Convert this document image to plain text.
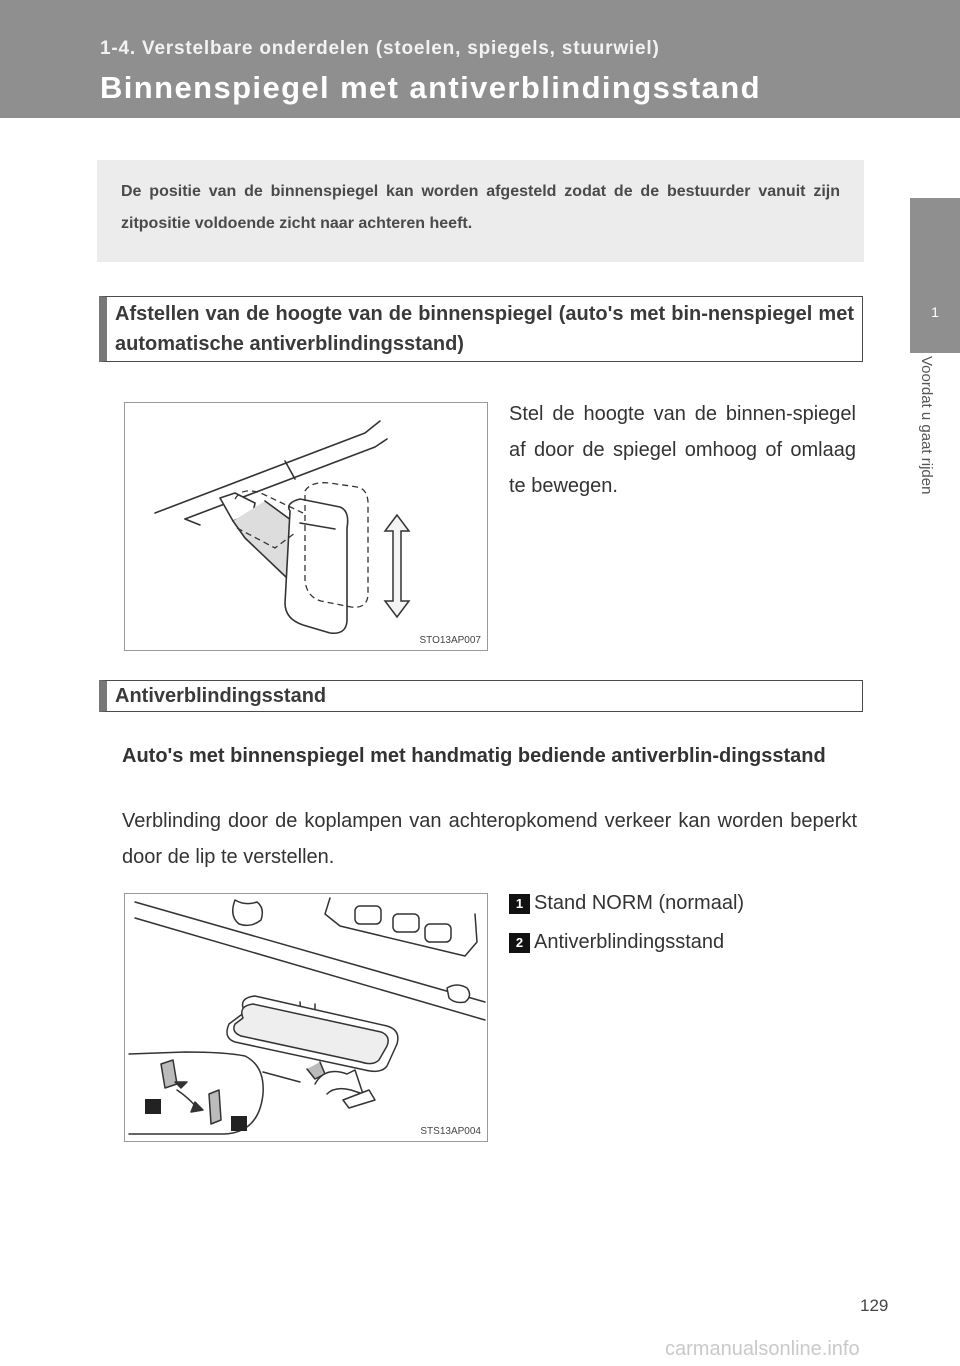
1-4. Verstelbare onderdelen (stoelen, spiegels, stuurwiel)
Binnenspiegel met antiverblindingsstand
1
Voordat u gaat rijden

De positie van de binnenspiegel kan worden afgesteld zodat de de bestuurder vanuit zijn zitpositie voldoende zicht naar achteren heeft.

Afstellen van de hoogte van de binnenspiegel (auto's met bin-nenspiegel met automatische antiverblindingsstand)
STO13AP007
Stel de hoogte van de binnen-spiegel af door de spiegel omhoog of omlaag te bewegen.
Antiverblindingsstand
Auto's met binnenspiegel met handmatig bediende antiverblin-dingsstand
Verblinding door de koplampen van achteropkomend verkeer kan worden beperkt door de lip te verstellen.
STS13AP004
1 Stand NORM (normaal)
2 Antiverblindingsstand
129
carmanualsonline.info
